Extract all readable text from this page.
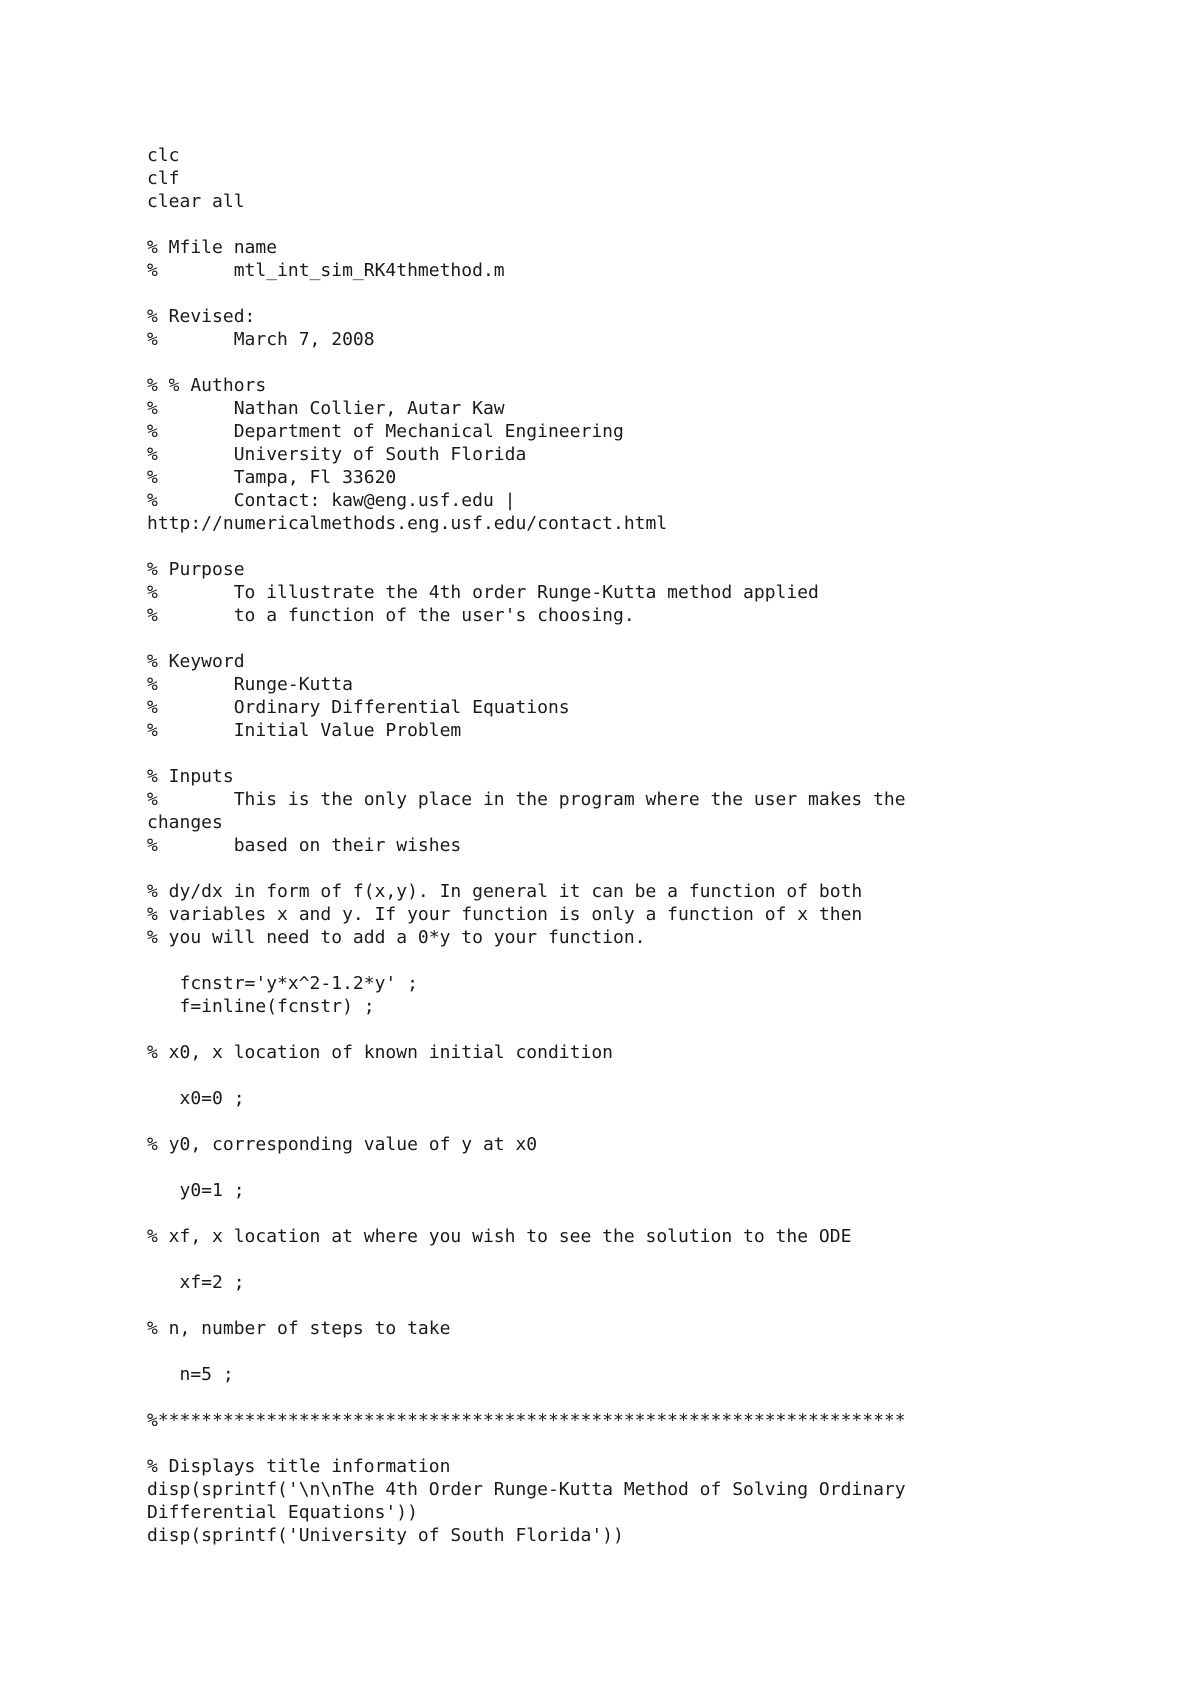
clc
clf
clear all
% Mfile name
%       mtl_int_sim_RK4thmethod.m
% Revised:
%       March 7, 2008
% % Authors
%       Nathan Collier, Autar Kaw
%       Department of Mechanical Engineering
%       University of South Florida
%       Tampa, Fl 33620
%       Contact: kaw@eng.usf.edu |
http://numericalmethods.eng.usf.edu/contact.html
% Purpose
%       To illustrate the 4th order Runge-Kutta method applied
%       to a function of the user's choosing.
% Keyword
%       Runge-Kutta
%       Ordinary Differential Equations
%       Initial Value Problem
% Inputs
%       This is the only place in the program where the user makes the
changes
%       based on their wishes
% dy/dx in form of f(x,y). In general it can be a function of both
% variables x and y. If your function is only a function of x then
% you will need to add a 0*y to your function.
fcnstr='y*x^2-1.2*y' ;
f=inline(fcnstr) ;
% x0, x location of known initial condition
x0=0 ;
% y0, corresponding value of y at x0
y0=1 ;
% xf, x location at where you wish to see the solution to the ODE
xf=2 ;
% n, number of steps to take
n=5 ;
%*********************************************************************
% Displays title information
disp(sprintf('\n\nThe 4th Order Runge-Kutta Method of Solving Ordinary
Differential Equations'))
disp(sprintf('University of South Florida'))
